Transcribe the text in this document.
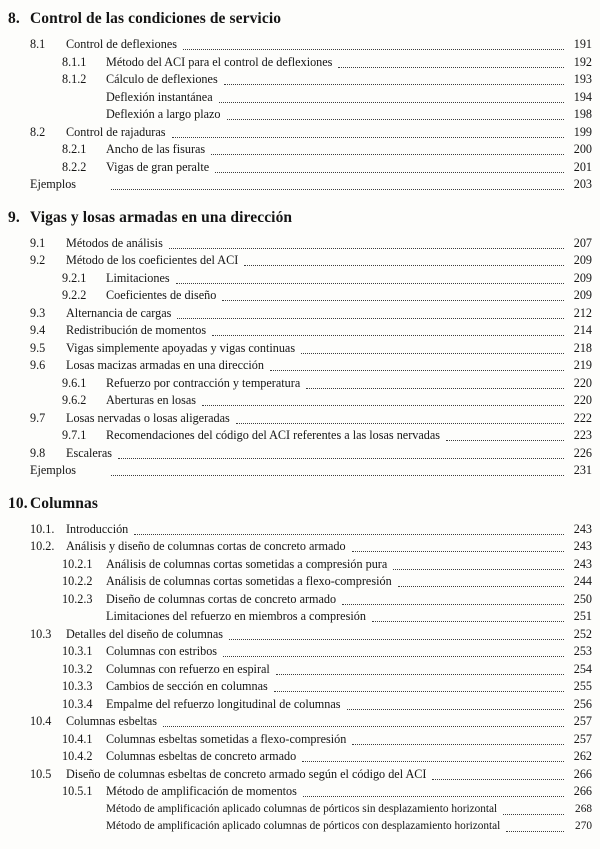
8. Control de las condiciones de servicio
8.1	Control de deflexiones	191
8.1.1	Método del ACI para el control de deflexiones	192
8.1.2	Cálculo de deflexiones	193
Deflexión instantánea	194
Deflexión a largo plazo	198
8.2	Control de rajaduras	199
8.2.1	Ancho de las fisuras	200
8.2.2	Vigas de gran peralte	201
Ejemplos	203
9. Vigas y losas armadas en una dirección
9.1	Métodos de análisis	207
9.2	Método de los coeficientes del ACI	209
9.2.1	Limitaciones	209
9.2.2	Coeficientes de diseño	209
9.3	Alternancia de cargas	212
9.4	Redistribución de momentos	214
9.5	Vigas simplemente apoyadas y vigas continuas	218
9.6	Losas macizas armadas en una dirección	219
9.6.1	Refuerzo por contracción y temperatura	220
9.6.2	Aberturas en losas	220
9.7	Losas nervadas o losas aligeradas	222
9.7.1	Recomendaciones del código del ACI referentes a las losas nervadas	223
9.8	Escaleras	226
Ejemplos	231
10. Columnas
10.1. Introducción	243
10.2. Análisis y diseño de columnas cortas de concreto armado	243
10.2.1	Análisis de columnas cortas sometidas a compresión pura	243
10.2.2	Análisis de columnas cortas sometidas a flexo-compresión	244
10.2.3	Diseño de columnas cortas de concreto armado	250
Limitaciones del refuerzo en miembros a compresión	251
10.3	Detalles del diseño de columnas	252
10.3.1	Columnas con estribos	253
10.3.2	Columnas con refuerzo en espiral	254
10.3.3	Cambios de sección en columnas	255
10.3.4	Empalme del refuerzo longitudinal de columnas	256
10.4	Columnas esbeltas	257
10.4.1	Columnas esbeltas sometidas a flexo-compresión	257
10.4.2	Columnas esbeltas de concreto armado	262
10.5	Diseño de columnas esbeltas de concreto armado según el código del ACI	266
10.5.1	Método de amplificación de momentos	266
Método de amplificación aplicado columnas de pórticos sin desplazamiento horizontal	268
Método de amplificación aplicado columnas de pórticos con desplazamiento horizontal	270
